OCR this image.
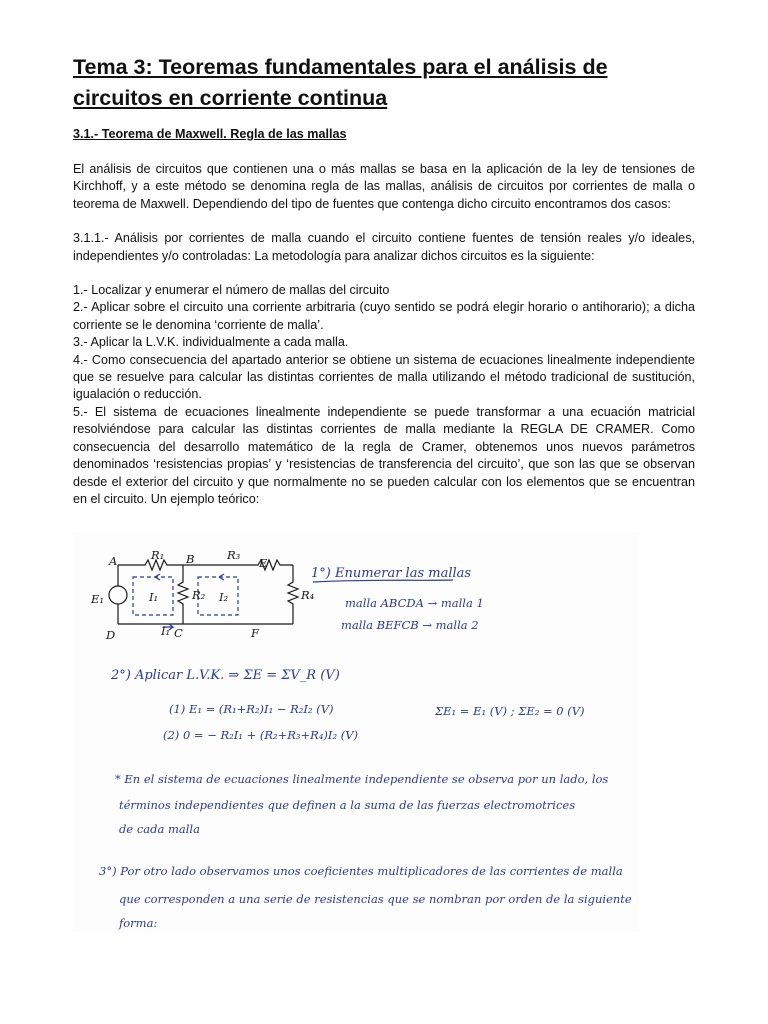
Tema 3: Teoremas fundamentales para el análisis de circuitos en corriente continua
3.1.- Teorema de Maxwell. Regla de las mallas

El análisis de circuitos que contienen una o más mallas se basa en la aplicación de la ley de tensiones de Kirchhoff, y a este método se denomina regla de las mallas, análisis de circuitos por corrientes de malla o teorema de Maxwell. Dependiendo del tipo de fuentes que contenga dicho circuito encontramos dos casos:

3.1.1.- Análisis por corrientes de malla cuando el circuito contiene fuentes de tensión reales y/o ideales, independientes y/o controladas: La metodología para analizar dichos circuitos es la siguiente:

1.- Localizar y enumerar el número de mallas del circuito

2.- Aplicar sobre el circuito una corriente arbitraria (cuyo sentido se podrá elegir horario o antihorario); a dicha corriente se le denomina ‘corriente de malla’.

3.- Aplicar la L.V.K. individualmente a cada malla.

4.- Como consecuencia del apartado anterior se obtiene un sistema de ecuaciones linealmente independiente que se resuelve para calcular las distintas corrientes de malla utilizando el método tradicional de sustitución, igualación o reducción.

5.- El sistema de ecuaciones linealmente independiente se puede transformar a una ecuación matricial resolviéndose para calcular las distintas corrientes de malla mediante la REGLA DE CRAMER. Como consecuencia del desarrollo matemático de la regla de Cramer, obtenemos unos nuevos parámetros denominados ‘resistencias propias’ y ‘resistencias de transferencia del circuito’, que son las que se observan desde el exterior del circuito y que normalmente no se pueden calcular con los elementos que se encuentran en el circuito. Un ejemplo teórico:

A	B	E
D	C	F
R₁	R₃
R₂	R₄
E₁	I₁	I₂
I₁
1°) Enumerar las mallas
malla ABCDA → malla 1
malla BEFCB → malla 2
2°) Aplicar L.V.K. ⇒ ΣE = ΣV_R (V)
(1) E₁ = (R₁+R₂)I₁ − R₂I₂ (V)
(2) 0 = − R₂I₁ + (R₂+R₃+R₄)I₂ (V)
ΣE₁ = E₁ (V) ; ΣE₂ = 0 (V)
* En el sistema de ecuaciones linealmente independiente se observa por un lado, los
términos independientes que definen a la suma de las fuerzas electromotrices
de cada malla
3°) Por otro lado observamos unos coeficientes multiplicadores de las corrientes de malla
que corresponden a una serie de resistencias que se nombran por orden de la siguiente
forma:
